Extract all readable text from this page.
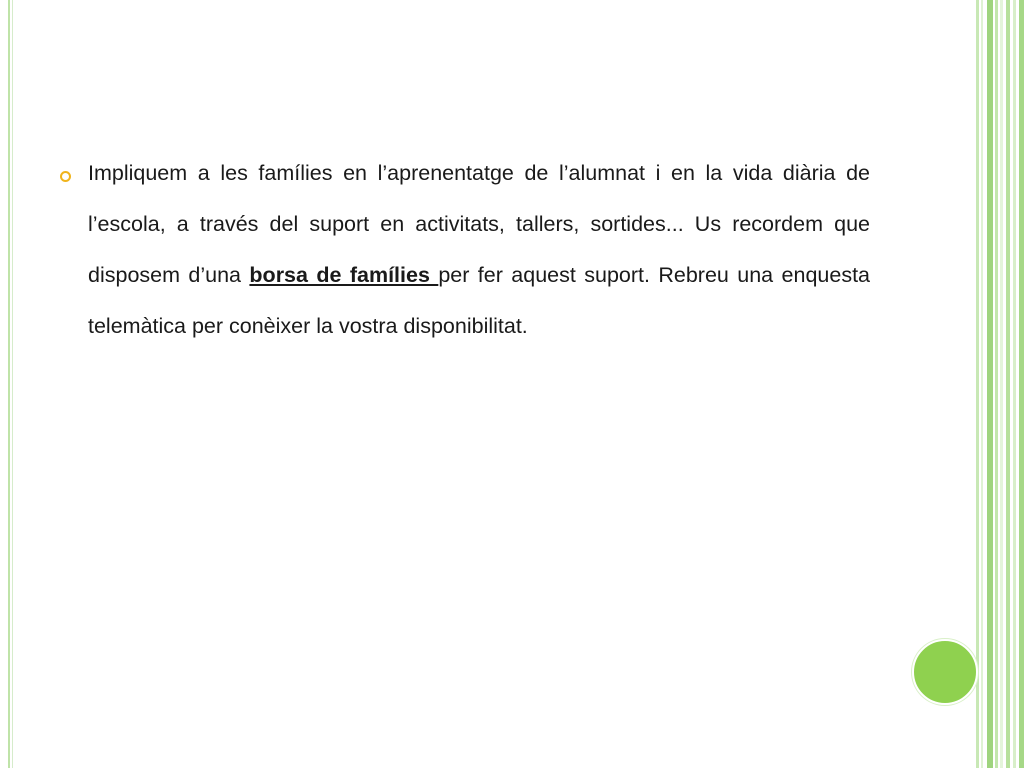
Impliquem a les famílies en l’aprenentatge de l’alumnat i en la vida diària de l’escola, a través del suport en activitats, tallers, sortides... Us recordem que disposem d’una borsa de famílies per fer aquest suport. Rebreu una enquesta telemàtica per conèixer la vostra disponibilitat.
